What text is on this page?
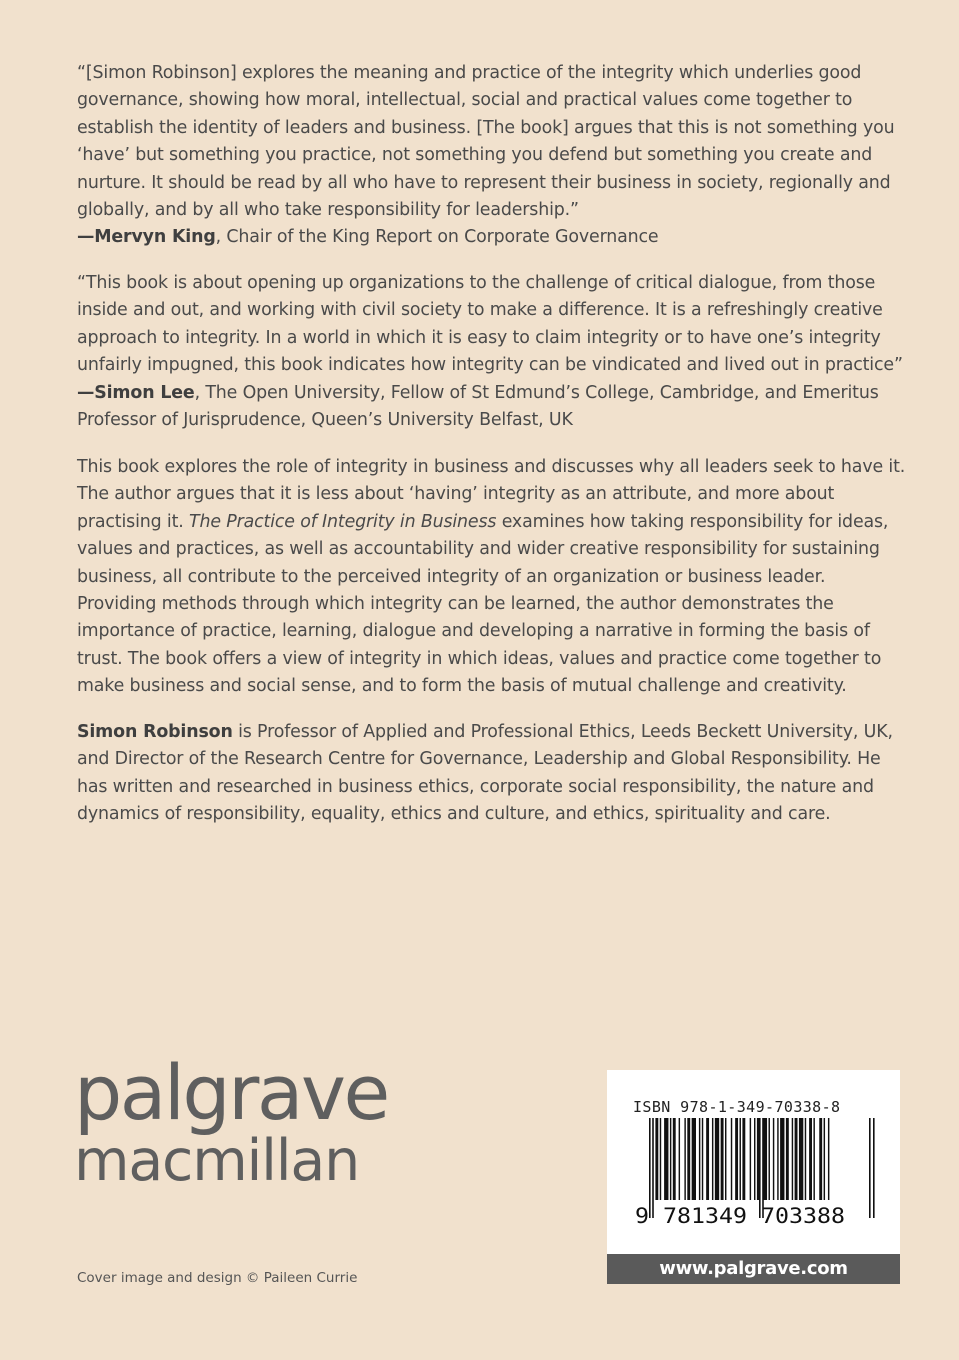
“[Simon Robinson] explores the meaning and practice of the integrity which underlies good governance, showing how moral, intellectual, social and practical values come together to establish the identity of leaders and business. [The book] argues that this is not something you ‘have’ but something you practice, not something you defend but something you create and nurture. It should be read by all who have to represent their business in society, regionally and globally, and by all who take responsibility for leadership.”
—Mervyn King, Chair of the King Report on Corporate Governance

“This book is about opening up organizations to the challenge of critical dialogue, from those inside and out, and working with civil society to make a difference. It is a refreshingly creative approach to integrity. In a world in which it is easy to claim integrity or to have one’s integrity unfairly impugned, this book indicates how integrity can be vindicated and lived out in practice”
—Simon Lee, The Open University, Fellow of St Edmund’s College, Cambridge, and Emeritus Professor of Jurisprudence, Queen’s University Belfast, UK

This book explores the role of integrity in business and discusses why all leaders seek to have it. The author argues that it is less about ‘having’ integrity as an attribute, and more about practising it. The Practice of Integrity in Business examines how taking responsibility for ideas, values and practices, as well as accountability and wider creative responsibility for sustaining business, all contribute to the perceived integrity of an organization or business leader. Providing methods through which integrity can be learned, the author demonstrates the importance of practice, learning, dialogue and developing a narrative in forming the basis of trust. The book offers a view of integrity in which ideas, values and practice come together to make business and social sense, and to form the basis of mutual challenge and creativity.

Simon Robinson is Professor of Applied and Professional Ethics, Leeds Beckett University, UK, and Director of the Research Centre for Governance, Leadership and Global Responsibility. He has written and researched in business ethics, corporate social responsibility, the nature and dynamics of responsibility, equality, ethics and culture, and ethics, spirituality and care.

palgrave
macmillan
Cover image and design © Paileen Currie
ISBN 978-1-349-70338-8
9 781349 703388
www.palgrave.com
